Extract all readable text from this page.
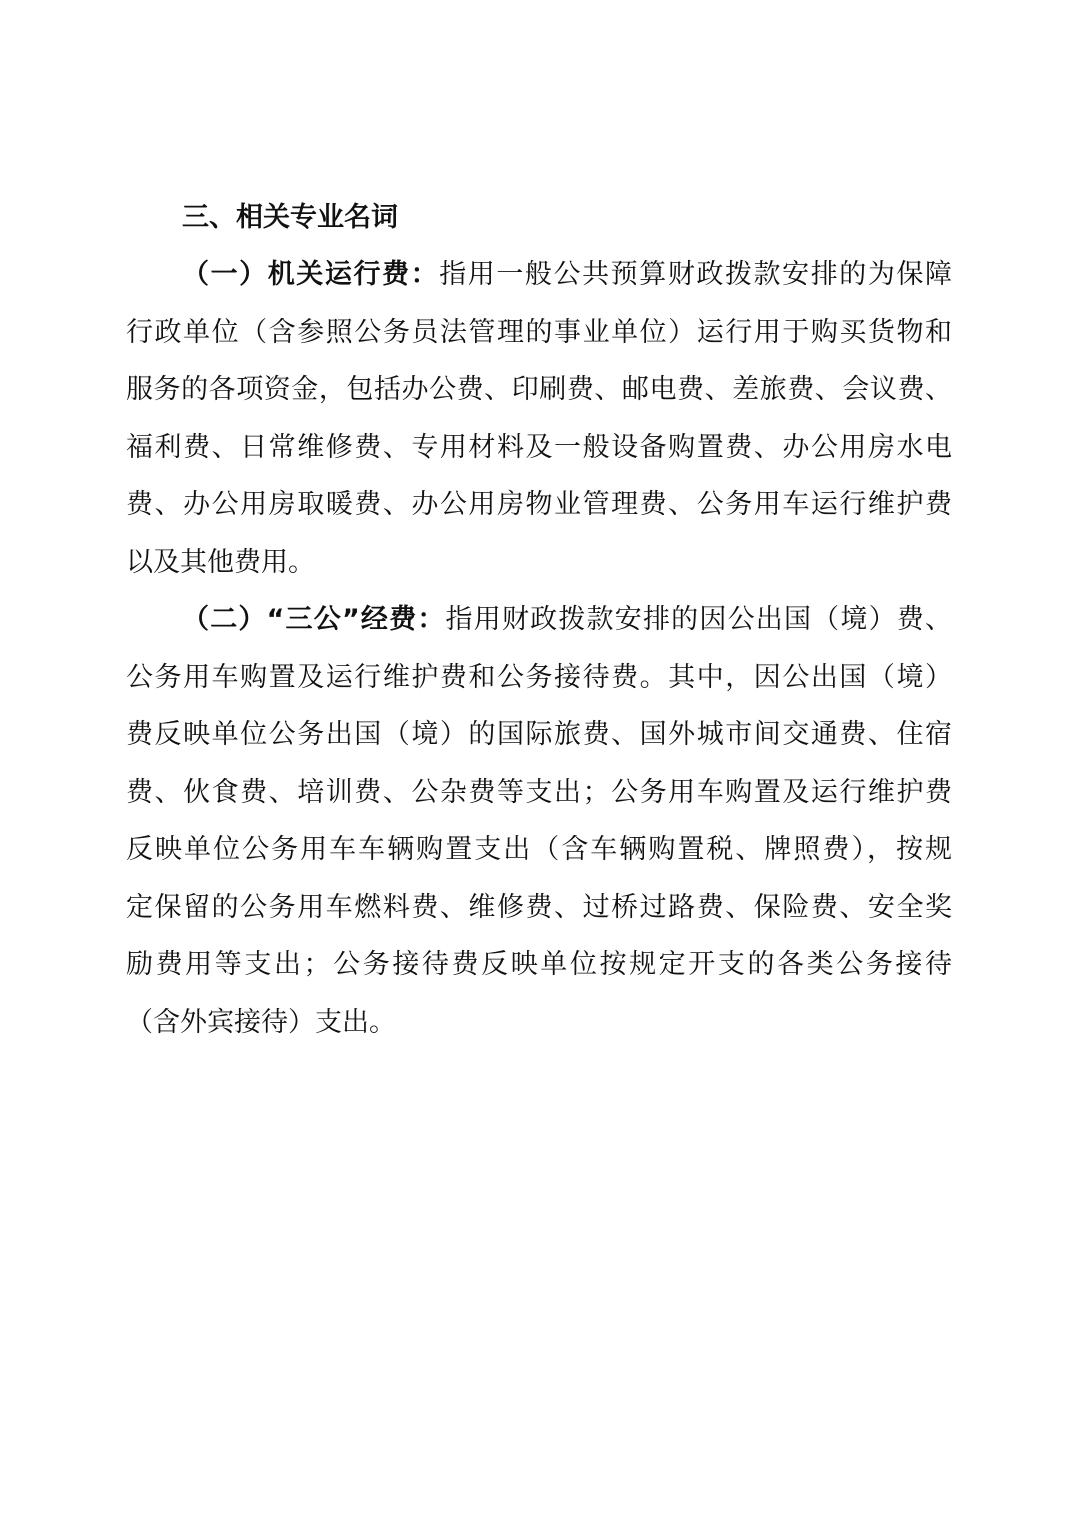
三、相关专业名词
（一）机关运行费：指用一般公共预算财政拨款安排的为保障
行政单位（含参照公务员法管理的事业单位）运行用于购买货物和
服务的各项资金，包括办公费、印刷费、邮电费、差旅费、会议费、
福利费、日常维修费、专用材料及一般设备购置费、办公用房水电
费、办公用房取暖费、办公用房物业管理费、公务用车运行维护费
以及其他费用。
（二）“三公”经费：指用财政拨款安排的因公出国（境）费、
公务用车购置及运行维护费和公务接待费。其中，因公出国（境）
费反映单位公务出国（境）的国际旅费、国外城市间交通费、住宿
费、伙食费、培训费、公杂费等支出；公务用车购置及运行维护费
反映单位公务用车车辆购置支出（含车辆购置税、牌照费），按规
定保留的公务用车燃料费、维修费、过桥过路费、保险费、安全奖
励费用等支出；公务接待费反映单位按规定开支的各类公务接待
（含外宾接待）支出。
